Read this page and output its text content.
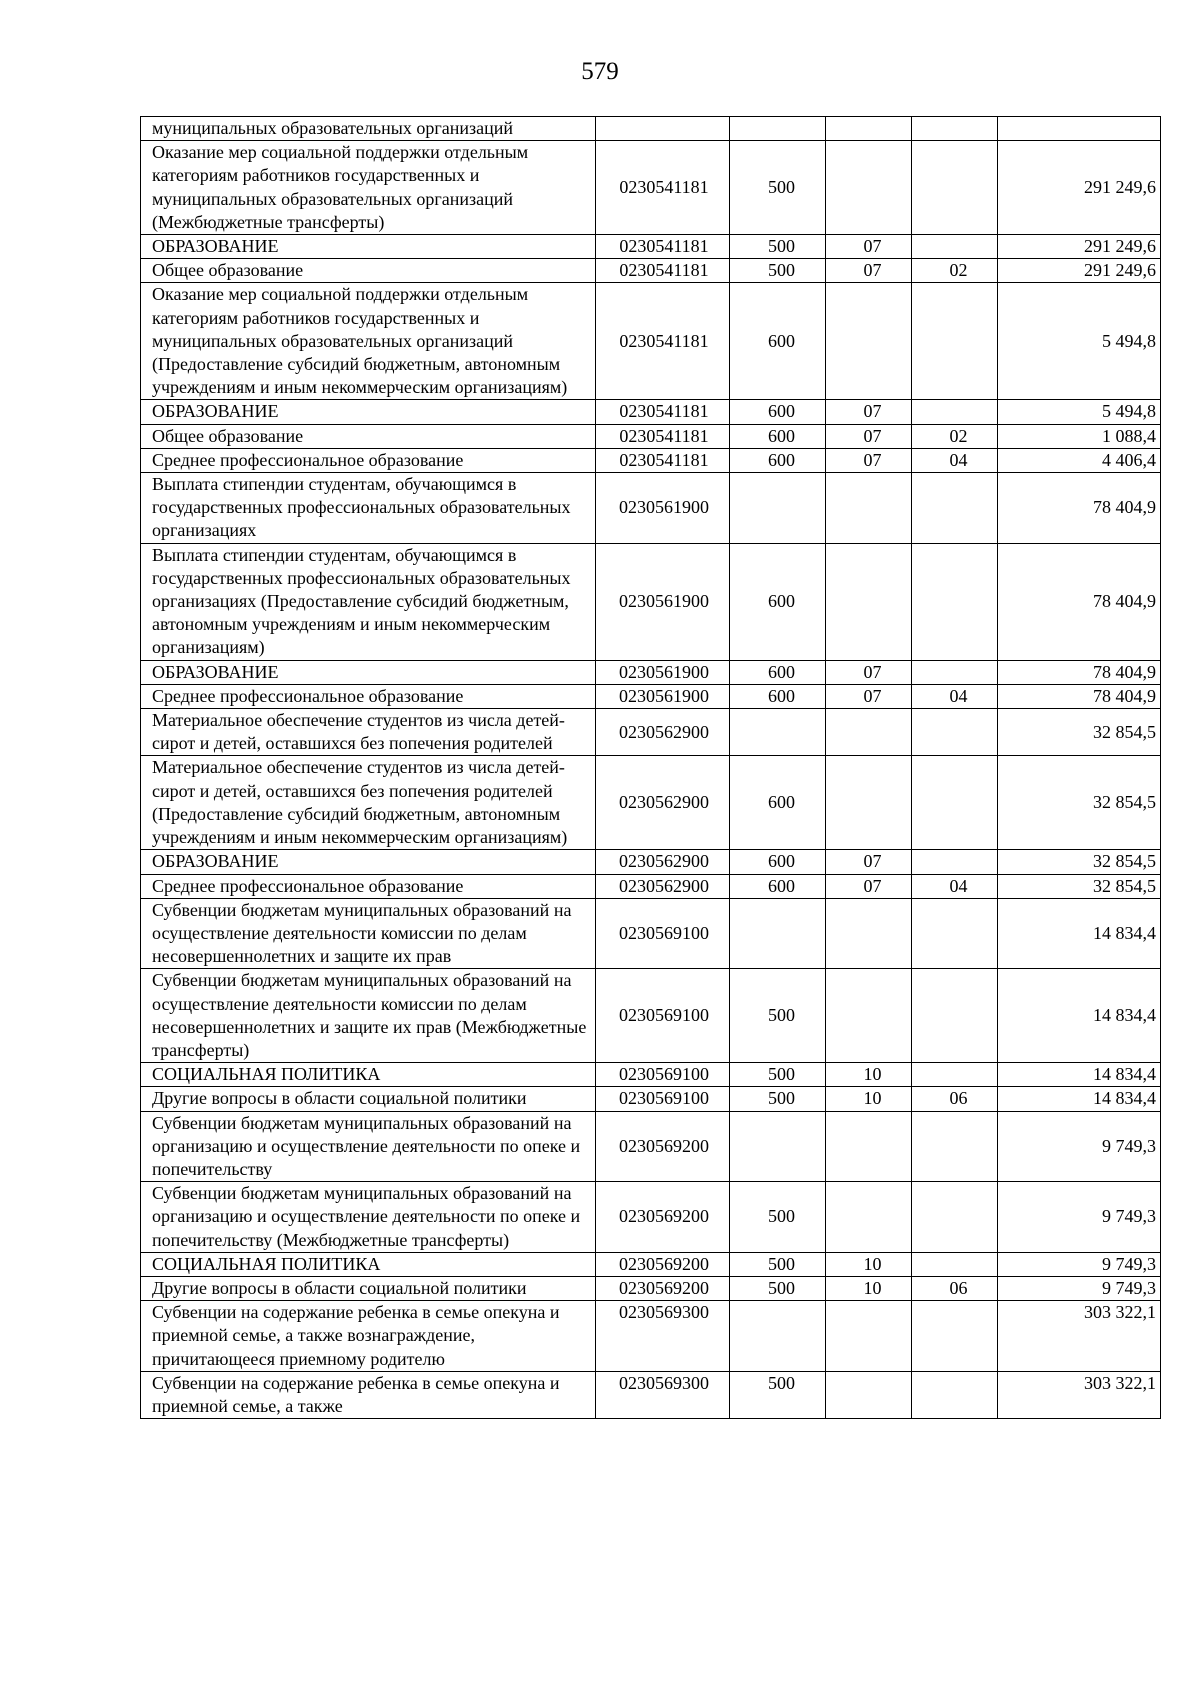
579
муниципальных образовательных организаций					
Оказание мер социальной поддержки отдельным категориям работников государственных и муниципальных образовательных организаций (Межбюджетные трансферты)	0230541181	500			291 249,6
ОБРАЗОВАНИЕ	0230541181	500	07		291 249,6
Общее образование	0230541181	500	07	02	291 249,6
Оказание мер социальной поддержки отдельным категориям работников государственных и муниципальных образовательных организаций (Предоставление субсидий бюджетным, автономным учреждениям и иным некоммерческим организациям)	0230541181	600			5 494,8
ОБРАЗОВАНИЕ	0230541181	600	07		5 494,8
Общее образование	0230541181	600	07	02	1 088,4
Среднее профессиональное образование	0230541181	600	07	04	4 406,4
Выплата стипендии студентам, обучающимся в государственных профессиональных образовательных организациях	0230561900				78 404,9
Выплата стипендии студентам, обучающимся в государственных профессиональных образовательных организациях (Предоставление субсидий бюджетным, автономным учреждениям и иным некоммерческим организациям)	0230561900	600			78 404,9
ОБРАЗОВАНИЕ	0230561900	600	07		78 404,9
Среднее профессиональное образование	0230561900	600	07	04	78 404,9
Материальное обеспечение студентов из числа детей-сирот и детей, оставшихся без попечения родителей	0230562900				32 854,5
Материальное обеспечение студентов из числа детей-сирот и детей, оставшихся без попечения родителей (Предоставление субсидий бюджетным, автономным учреждениям и иным некоммерческим организациям)	0230562900	600			32 854,5
ОБРАЗОВАНИЕ	0230562900	600	07		32 854,5
Среднее профессиональное образование	0230562900	600	07	04	32 854,5
Субвенции бюджетам муниципальных образований на осуществление деятельности комиссии по делам несовершеннолетних и защите их прав	0230569100				14 834,4
Субвенции бюджетам муниципальных образований на осуществление деятельности комиссии по делам несовершеннолетних и защите их прав (Межбюджетные трансферты)	0230569100	500			14 834,4
СОЦИАЛЬНАЯ ПОЛИТИКА	0230569100	500	10		14 834,4
Другие вопросы в области социальной политики	0230569100	500	10	06	14 834,4
Субвенции бюджетам муниципальных образований на организацию и осуществление деятельности по опеке и попечительству	0230569200				9 749,3
Субвенции бюджетам муниципальных образований на организацию и осуществление деятельности по опеке и попечительству (Межбюджетные трансферты)	0230569200	500			9 749,3
СОЦИАЛЬНАЯ ПОЛИТИКА	0230569200	500	10		9 749,3
Другие вопросы в области социальной политики	0230569200	500	10	06	9 749,3
Субвенции на содержание ребенка в семье опекуна и приемной семье, а также вознаграждение, причитающееся приемному родителю	0230569300				303 322,1
Субвенции на содержание ребенка в семье опекуна и приемной семье, а также	0230569300	500			303 322,1
